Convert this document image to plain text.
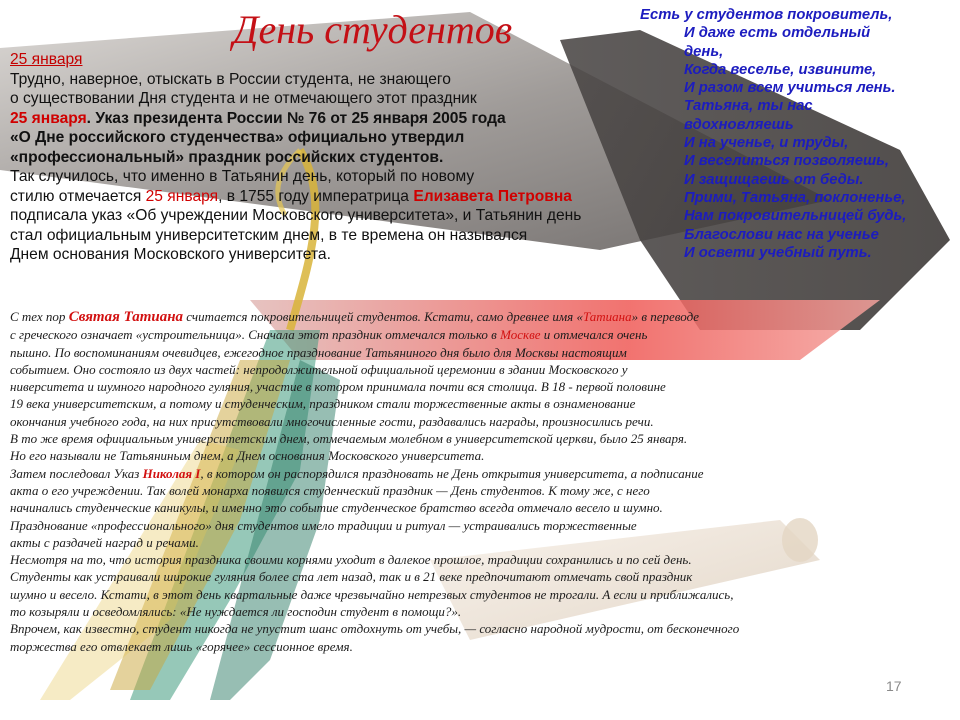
День студентов
25 января
Трудно, наверное, отыскать в России студента, не знающего
о существовании Дня студента и не отмечающего этот праздник
25 января. Указ президента России № 76 от 25 января 2005 года
«О Дне российского студенчества» официально утвердил
«профессиональный» праздник российских студентов.
Так случилось, что именно в Татьянин день, который по новому
стилю отмечается 25 января, в 1755 году императрица Елизавета Петровна
подписала указ «Об учреждении Московского университета», и Татьянин день
стал официальным университетским днем, в те времена он назывался
Днем основания Московского университета.
Есть у студентов покровитель,
И даже есть отдельный
день,
Когда веселье, извините,
И разом всем учиться лень.
Татьяна, ты нас
вдохновляешь
И на ученье, и труды,
И веселиться позволяешь,
И защищаешь от беды.
Прими, Татьяна, поклоненье,
Нам покровительницей будь,
Благослови нас на ученье
И освети учебный путь.
С тех пор Святая Татиана считается покровительницей студентов. Кстати, само древнее имя «Татиана» в переводе
с греческого означает «устроительница». Сначала этот праздник отмечался только в Москве и отмечался очень
пышно. По воспоминаниям очевидцев, ежегодное празднование Татьяниного дня было для Москвы настоящим
событием. Оно состояло из двух частей: непродолжительной официальной церемонии в здании Московского у
ниверситета и шумного народного гуляния, участие в котором принимала почти вся столица. В 18 - первой половине
19 века университетским, а потому и студенческим, праздником стали торжественные акты в ознаменование
окончания учебного года, на них присутствовали многочисленные гости, раздавались награды, произносились речи.
В то же время официальным университетским днем, отмечаемым молебном в университетской церкви, было 25 января.
Но его называли не Татьяниным днем, а Днем основания Московского университета.
Затем последовал Указ Николая I, в котором он распорядился праздновать не День открытия университета, а подписание
акта о его учреждении. Так волей монарха появился студенческий праздник — День студентов. К тому же, с него
начинались студенческие каникулы, и именно это событие студенческое братство всегда отмечало весело и шумно.
Празднование «профессионального» дня студентов имело традиции и ритуал — устраивались торжественные
акты с раздачей наград и речами.
Несмотря на то, что история праздника своими корнями уходит в далекое прошлое, традиции сохранились и по сей день.
Студенты как устраивали широкие гуляния более ста лет назад, так и в 21 веке предпочитают отмечать свой праздник
шумно и весело. Кстати, в этот день квартальные даже чрезвычайно нетрезвых студентов не трогали. А если и приближались,
то козыряли и осведомлялись: «Не нуждается ли господин студент в помощи?».
Впрочем, как известно, студент никогда не упустит шанс отдохнуть от учебы, — согласно народной мудрости, от бесконечного
торжества его отвлекает лишь «горячее» сессионное время.
17
